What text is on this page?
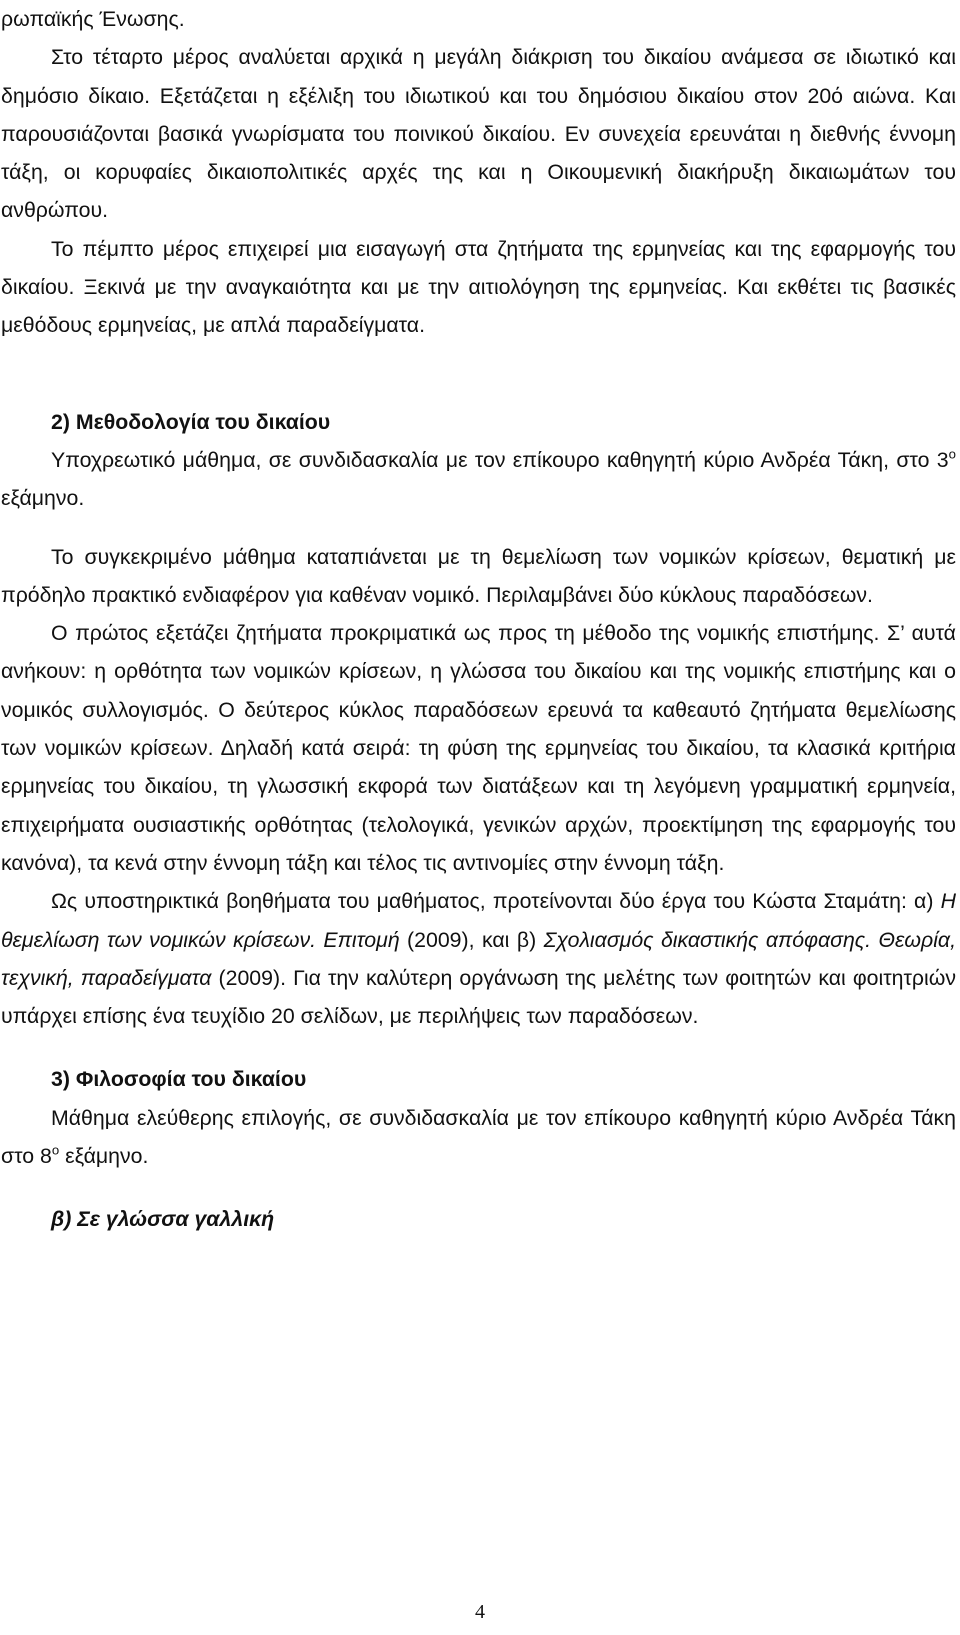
ρωπαϊκής Ένωσης.

Στο τέταρτο μέρος αναλύεται αρχικά η μεγάλη διάκριση του δικαίου ανάμεσα σε ιδιωτικό και δημόσιο δίκαιο. Εξετάζεται η εξέλιξη του ιδιωτικού και του δημόσιου δικαίου στον 20ό αιώνα. Και παρουσιάζονται βασικά γνωρίσματα του ποινικού δικαίου. Εν συνεχεία ερευνάται η διεθνής έννομη τάξη, οι κορυφαίες δικαιοπολιτικές αρχές της και η Οικουμενική διακήρυξη δικαιωμάτων του ανθρώπου.

Το πέμπτο μέρος επιχειρεί μια εισαγωγή στα ζητήματα της ερμηνείας και της εφαρμογής του δικαίου. Ξεκινά με την αναγκαιότητα και με την αιτιολόγηση της ερμηνείας. Και εκθέτει τις βασικές μεθόδους ερμηνείας, με απλά παραδείγματα.

2) Μεθοδολογία του δικαίου

Υποχρεωτικό μάθημα, σε συνδιδασκαλία με τον επίκουρο καθηγητή κύριο Ανδρέα Τάκη, στο $3^o$ εξάμηνο.

Το συγκεκριμένο μάθημα καταπιάνεται με τη θεμελίωση των νομικών κρίσεων, θεματική με πρόδηλο πρακτικό ενδιαφέρον για καθέναν νομικό. Περιλαμβάνει δύο κύκλους παραδόσεων.

Ο πρώτος εξετάζει ζητήματα προκριματικά ως προς τη μέθοδο της νομικής επιστήμης. Σ’ αυτά ανήκουν: η ορθότητα των νομικών κρίσεων, η γλώσσα του δικαίου και της νομικής επιστήμης και ο νομικός συλλογισμός. Ο δεύτερος κύκλος παραδόσεων ερευνά τα καθεαυτό ζητήματα θεμελίωσης των νομικών κρίσεων. Δηλαδή κατά σειρά: τη φύση της ερμηνείας του δικαίου, τα κλασικά κριτήρια ερμηνείας του δικαίου, τη γλωσσική εκφορά των διατάξεων και τη λεγόμενη γραμματική ερμηνεία, επιχειρήματα ουσιαστικής ορθότητας (τελολογικά, γενικών αρχών, προεκτίμηση της εφαρμογής του κανόνα), τα κενά στην έννομη τάξη και τέλος τις αντινομίες στην έννομη τάξη.

Ως υποστηρικτικά βοηθήματα του μαθήματος, προτείνονται δύο έργα του Κώστα Σταμάτη: α) Η θεμελίωση των νομικών κρίσεων. Επιτομή (2009), και β) Σχολιασμός δικαστικής απόφασης. Θεωρία, τεχνική, παραδείγματα (2009). Για την καλύτερη οργάνωση της μελέτης των φοιτητών και φοιτητριών υπάρχει επίσης ένα τευχίδιο 20 σελίδων, με περιλήψεις των παραδόσεων.

3) Φιλοσοφία του δικαίου

Μάθημα ελεύθερης επιλογής, σε συνδιδασκαλία με τον επίκουρο καθηγητή κύριο Ανδρέα Τάκη στο $8^o$ εξάμηνο.

β) Σε γλώσσα γαλλική

4
